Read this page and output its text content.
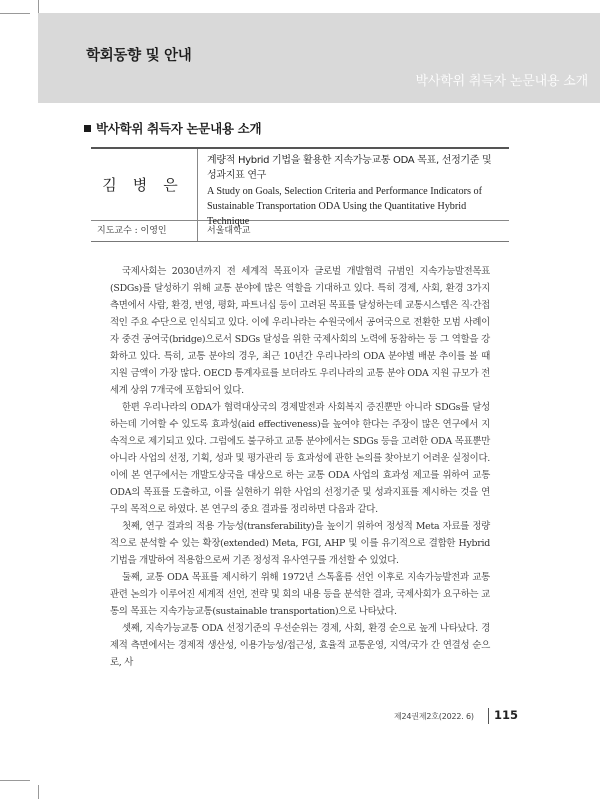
학회동향 및 안내
박사학위 취득자 논문내용 소개
박사학위 취득자 논문내용 소개
김병은
계량적 Hybrid 기법을 활용한 지속가능교통 ODA 목표, 선정기준 및
성과지표 연구
A Study on Goals, Selection Criteria and Performance Indicators of
Sustainable Transportation ODA Using the Quantitative Hybrid Technique
지도교수 : 이영인	서울대학교

국제사회는 2030년까지 전 세계적 목표이자 글로벌 개발협력 규범인 지속가능발전목표(SDGs)를 달성하기 위해 교통 분야에 많은 역할을 기대하고 있다. 특히 경제, 사회, 환경 3가지 측면에서 사람, 환경, 번영, 평화, 파트너십 등이 고려된 목표를 달성하는데 교통시스템은 직·간접적인 주요 수단으로 인식되고 있다. 이에 우리나라는 수원국에서 공여국으로 전환한 모범 사례이자 중견 공여국(bridge)으로서 SDGs 달성을 위한 국제사회의 노력에 동참하는 등 그 역할을 강화하고 있다. 특히, 교통 분야의 경우, 최근 10년간 우리나라의 ODA 분야별 배분 추이를 볼 때 지원 금액이 가장 많다. OECD 통계자료를 보더라도 우리나라의 교통 분야 ODA 지원 규모가 전 세계 상위 7개국에 포함되어 있다.

한편 우리나라의 ODA가 협력대상국의 경제발전과 사회복지 증진뿐만 아니라 SDGs를 달성하는데 기여할 수 있도록 효과성(aid effectiveness)을 높여야 한다는 주장이 많은 연구에서 지속적으로 제기되고 있다. 그럼에도 불구하고 교통 분야에서는 SDGs 등을 고려한 ODA 목표뿐만 아니라 사업의 선정, 기획, 성과 및 평가관리 등 효과성에 관한 논의를 찾아보기 어려운 실정이다. 이에 본 연구에서는 개발도상국을 대상으로 하는 교통 ODA 사업의 효과성 제고를 위하여 교통 ODA의 목표를 도출하고, 이를 실현하기 위한 사업의 선정기준 및 성과지표를 제시하는 것을 연구의 목적으로 하였다. 본 연구의 중요 결과를 정리하면 다음과 같다.

첫째, 연구 결과의 적용 가능성(transferability)을 높이기 위하여 정성적 Meta 자료를 정량적으로 분석할 수 있는 확장(extended) Meta, FGI, AHP 및 이를 유기적으로 결합한 Hybrid 기법을 개발하여 적용함으로써 기존 정성적 유사연구를 개선할 수 있었다.

둘째, 교통 ODA 목표를 제시하기 위해 1972년 스톡홀름 선언 이후로 지속가능발전과 교통 관련 논의가 이루어진 세계적 선언, 전략 및 회의 내용 등을 분석한 결과, 국제사회가 요구하는 교통의 목표는 지속가능교통(sustainable transportation)으로 나타났다.

셋째, 지속가능교통 ODA 선정기준의 우선순위는 경제, 사회, 환경 순으로 높게 나타났다. 경제적 측면에서는 경제적 생산성, 이용가능성/접근성, 효율적 교통운영, 지역/국가 간 연결성 순으로, 사

제24권제2호(2022. 6) 115
